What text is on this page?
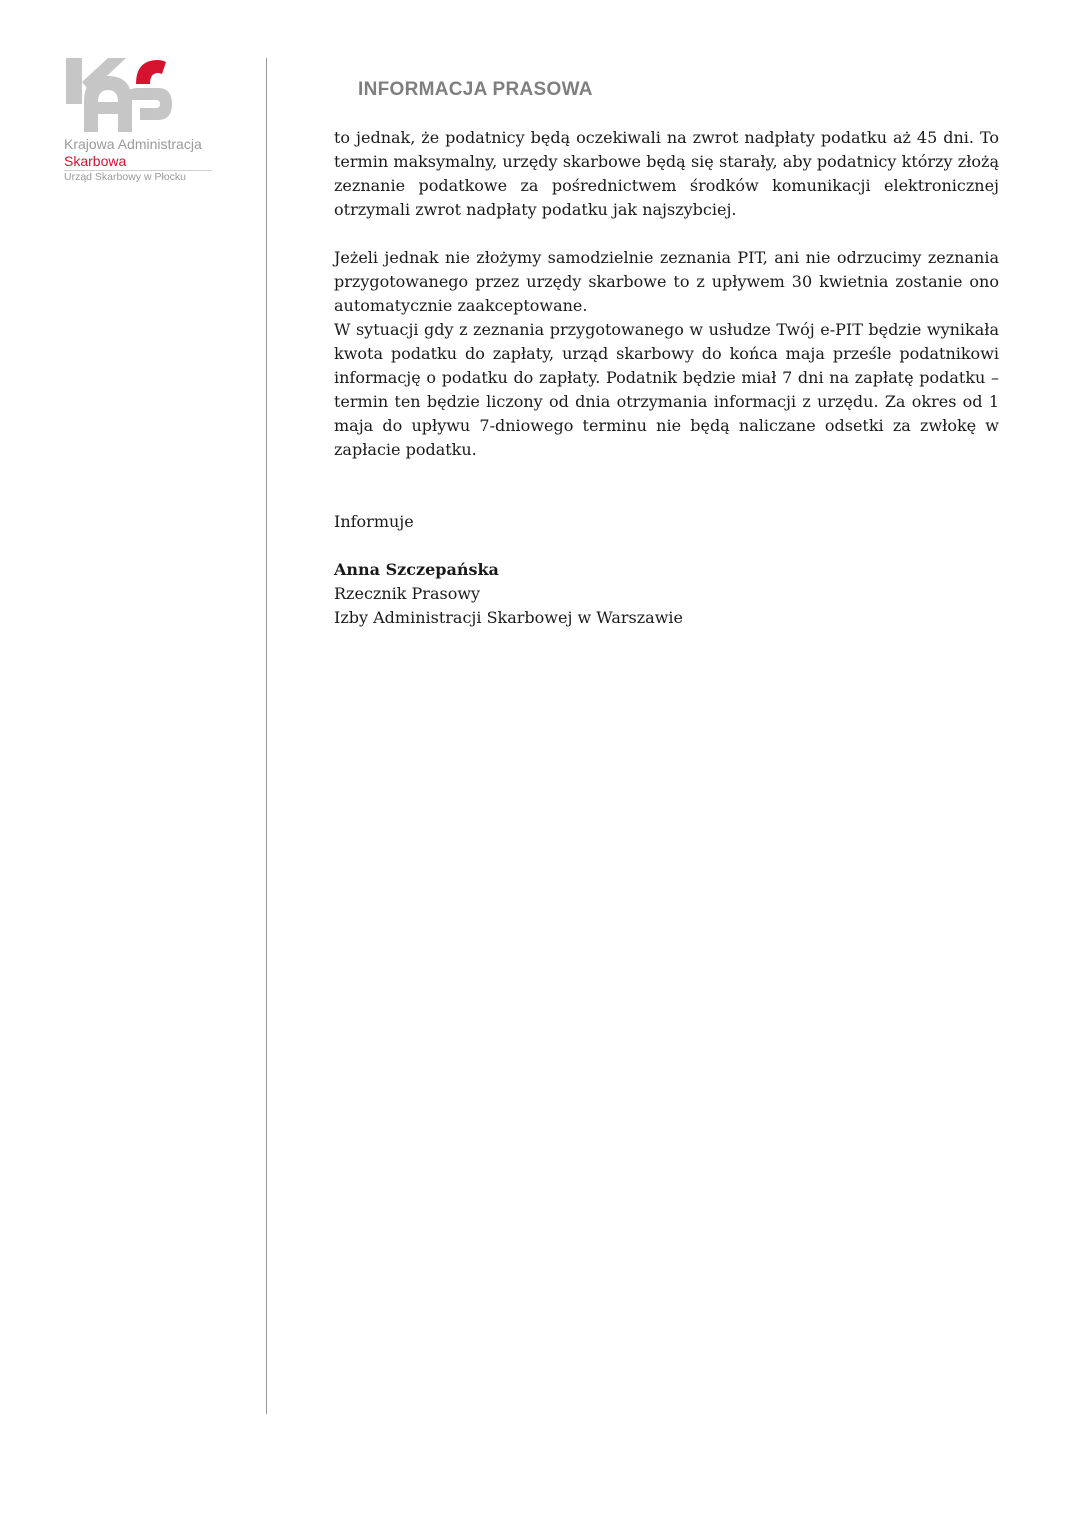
Krajowa Administracja
Skarbowa
Urząd Skarbowy w Płocku
INFORMACJA PRASOWA

to jednak, że podatnicy będą oczekiwali na zwrot nadpłaty podatku aż 45 dni. To termin maksymalny, urzędy skarbowe będą się starały, aby podatnicy którzy złożą zeznanie podatkowe za pośrednictwem środków komunikacji elektronicznej otrzymali zwrot nadpłaty podatku jak najszybciej.

Jeżeli jednak nie złożymy samodzielnie zeznania PIT, ani nie odrzucimy zeznania przygotowanego przez urzędy skarbowe to z upływem 30 kwietnia zostanie ono automatycznie zaakceptowane.

W sytuacji gdy z zeznania przygotowanego w usłudze Twój e-PIT będzie wynikała kwota podatku do zapłaty, urząd skarbowy do końca maja prześle podatnikowi informację o podatku do zapłaty. Podatnik będzie miał 7 dni na zapłatę podatku – termin ten będzie liczony od dnia otrzymania informacji z urzędu. Za okres od 1 maja do upływu 7-dniowego terminu nie będą naliczane odsetki za zwłokę w zapłacie podatku.

Informuje

Anna Szczepańska

Rzecznik Prasowy

Izby Administracji Skarbowej w Warszawie
